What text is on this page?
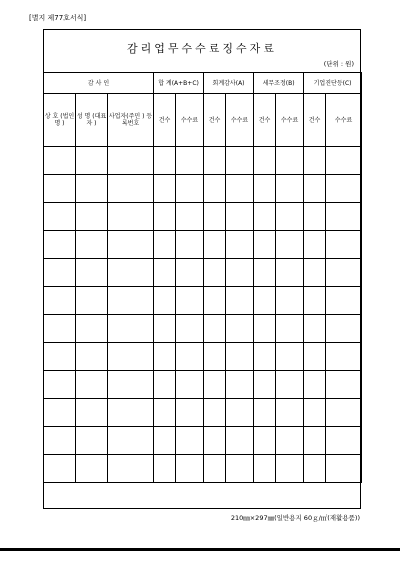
[별지 제77호서식]
감리업무수수료징수자료
(단위 : 원)
감 사 인			합 계(A+B+C)		회계감사(A)		세무조정(B)		기업진단등(C)	
상 호 (법인명 )	성 명 (대표자 )	사업자(주민 ) 등록번호	건수	수수료	건수	수수료	건수	수수료	건수	수수료

210㎜×297㎜(일반용지 60ｇ/㎡(재활용품))
